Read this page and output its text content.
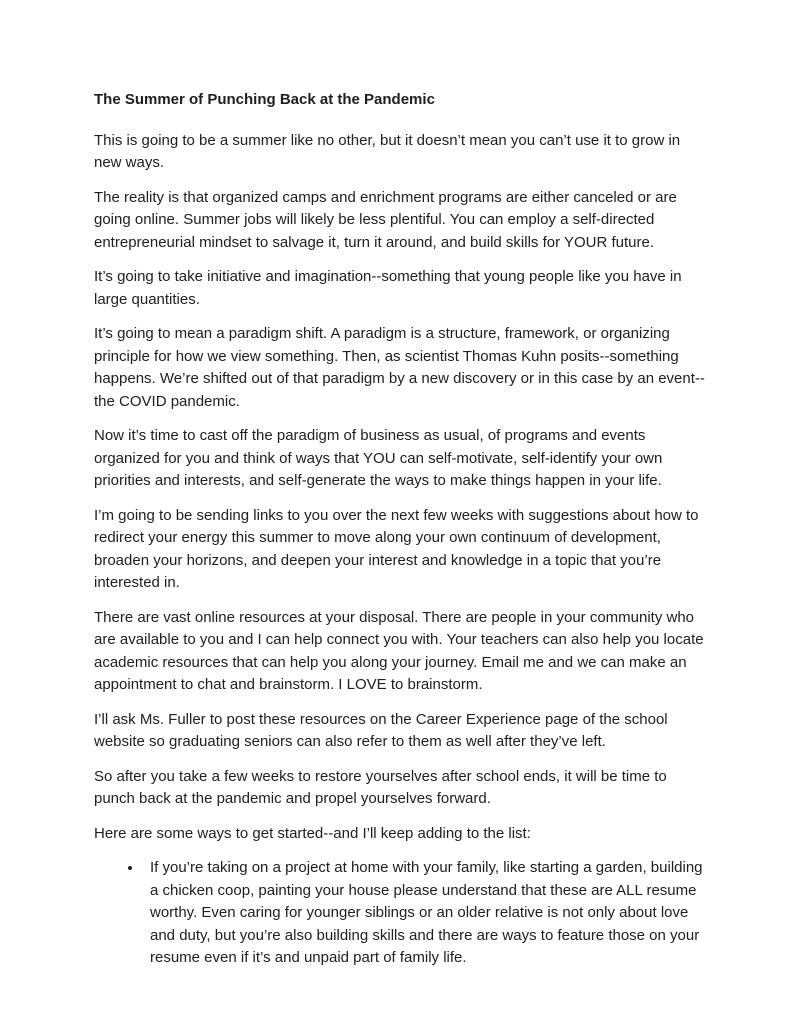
The Summer of Punching Back at the Pandemic

This is going to be a summer like no other, but it doesn’t mean you can’t use it to grow in new ways.

The reality is that organized camps and enrichment programs are either canceled or are going online. Summer jobs will likely be less plentiful. You can employ a self-directed entrepreneurial mindset to salvage it, turn it around, and build skills for YOUR future.

It’s going to take initiative and imagination--something that young people like you have in large quantities.

It’s going to mean a paradigm shift. A paradigm is a structure, framework, or organizing principle for how we view something. Then, as scientist Thomas Kuhn posits--something happens. We’re shifted out of that paradigm by a new discovery or in this case by an event--the COVID pandemic.

Now it’s time to cast off the paradigm of business as usual, of programs and events organized for you and think of ways that YOU can self-motivate, self-identify your own priorities and interests, and self-generate the ways to make things happen in your life.

I’m going to be sending links to you over the next few weeks with suggestions about how to redirect your energy this summer to move along your own continuum of development, broaden your horizons, and deepen your interest and knowledge in a topic that you’re interested in.

There are vast online resources at your disposal. There are people in your community who are available to you and I can help connect you with. Your teachers can also help you locate academic resources that can help you along your journey. Email me and we can make an appointment to chat and brainstorm. I LOVE to brainstorm.

I’ll ask Ms. Fuller to post these resources on the Career Experience page of the school website so graduating seniors can also refer to them as well after they’ve left.

So after you take a few weeks to restore yourselves after school ends, it will be time to punch back at the pandemic and propel yourselves forward.

Here are some ways to get started--and I’ll keep adding to the list:

• If you’re taking on a project at home with your family, like starting a garden, building a chicken coop, painting your house please understand that these are ALL resume worthy. Even caring for younger siblings or an older relative is not only about love and duty, but you’re also building skills and there are ways to feature those on your resume even if it’s and unpaid part of family life.
